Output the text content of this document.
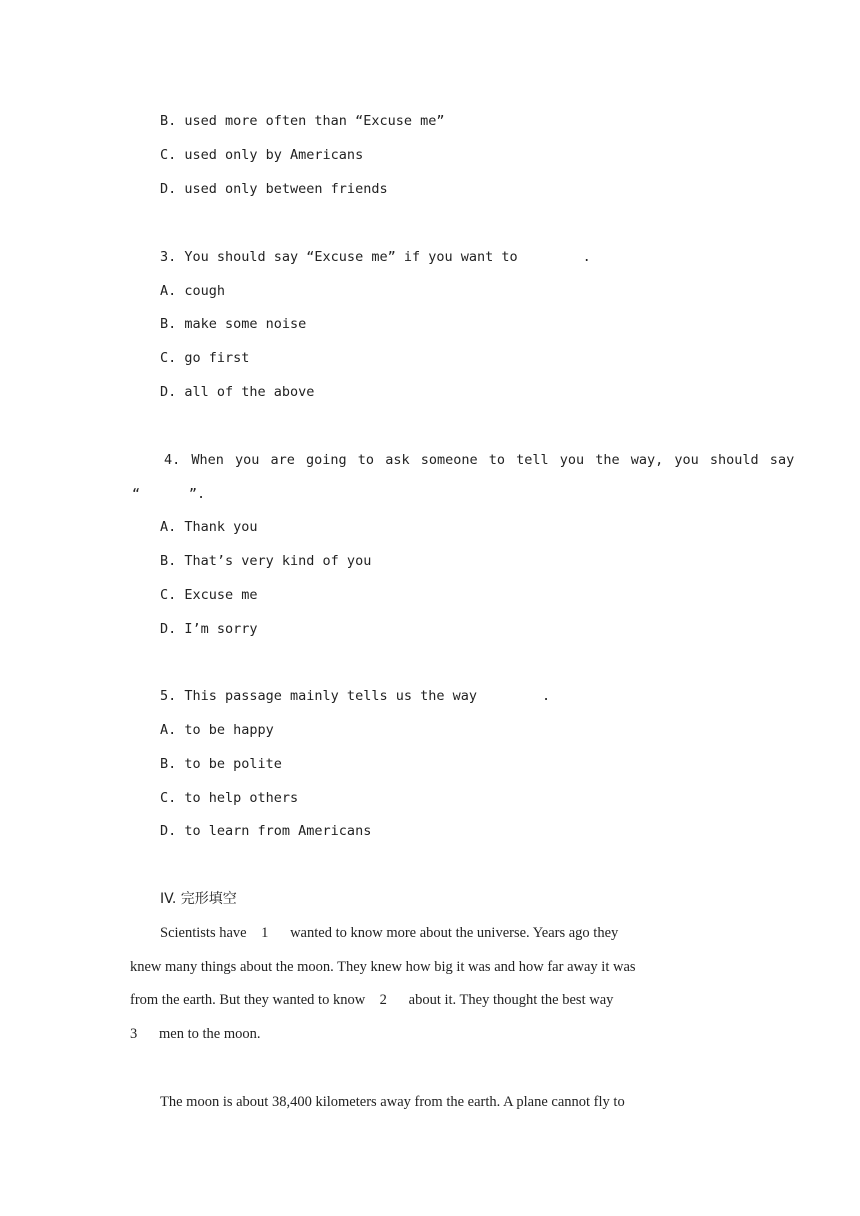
B. used more often than “Excuse me”
C. used only by Americans
D. used only between friends
3. You should say “Excuse me” if you want to        .
A. cough
B. make some noise
C. go first
D. all of the above
4. When you are going to ask someone to tell you the way, you should say
“      ”.
A. Thank you
B. That’s very kind of you
C. Excuse me
D. I’m sorry
5. This passage mainly tells us the way        .
A. to be happy
B. to be polite
C. to help others
D. to learn from Americans
IV. 完形填空
Scientists have    1      wanted to know more about the universe. Years ago they
knew many things about the moon. They knew how big it was and how far away it was
from the earth. But they wanted to know    2      about it. They thought the best way
3      men to the moon.
The moon is about 38,400 kilometers away from the earth. A plane cannot fly to
